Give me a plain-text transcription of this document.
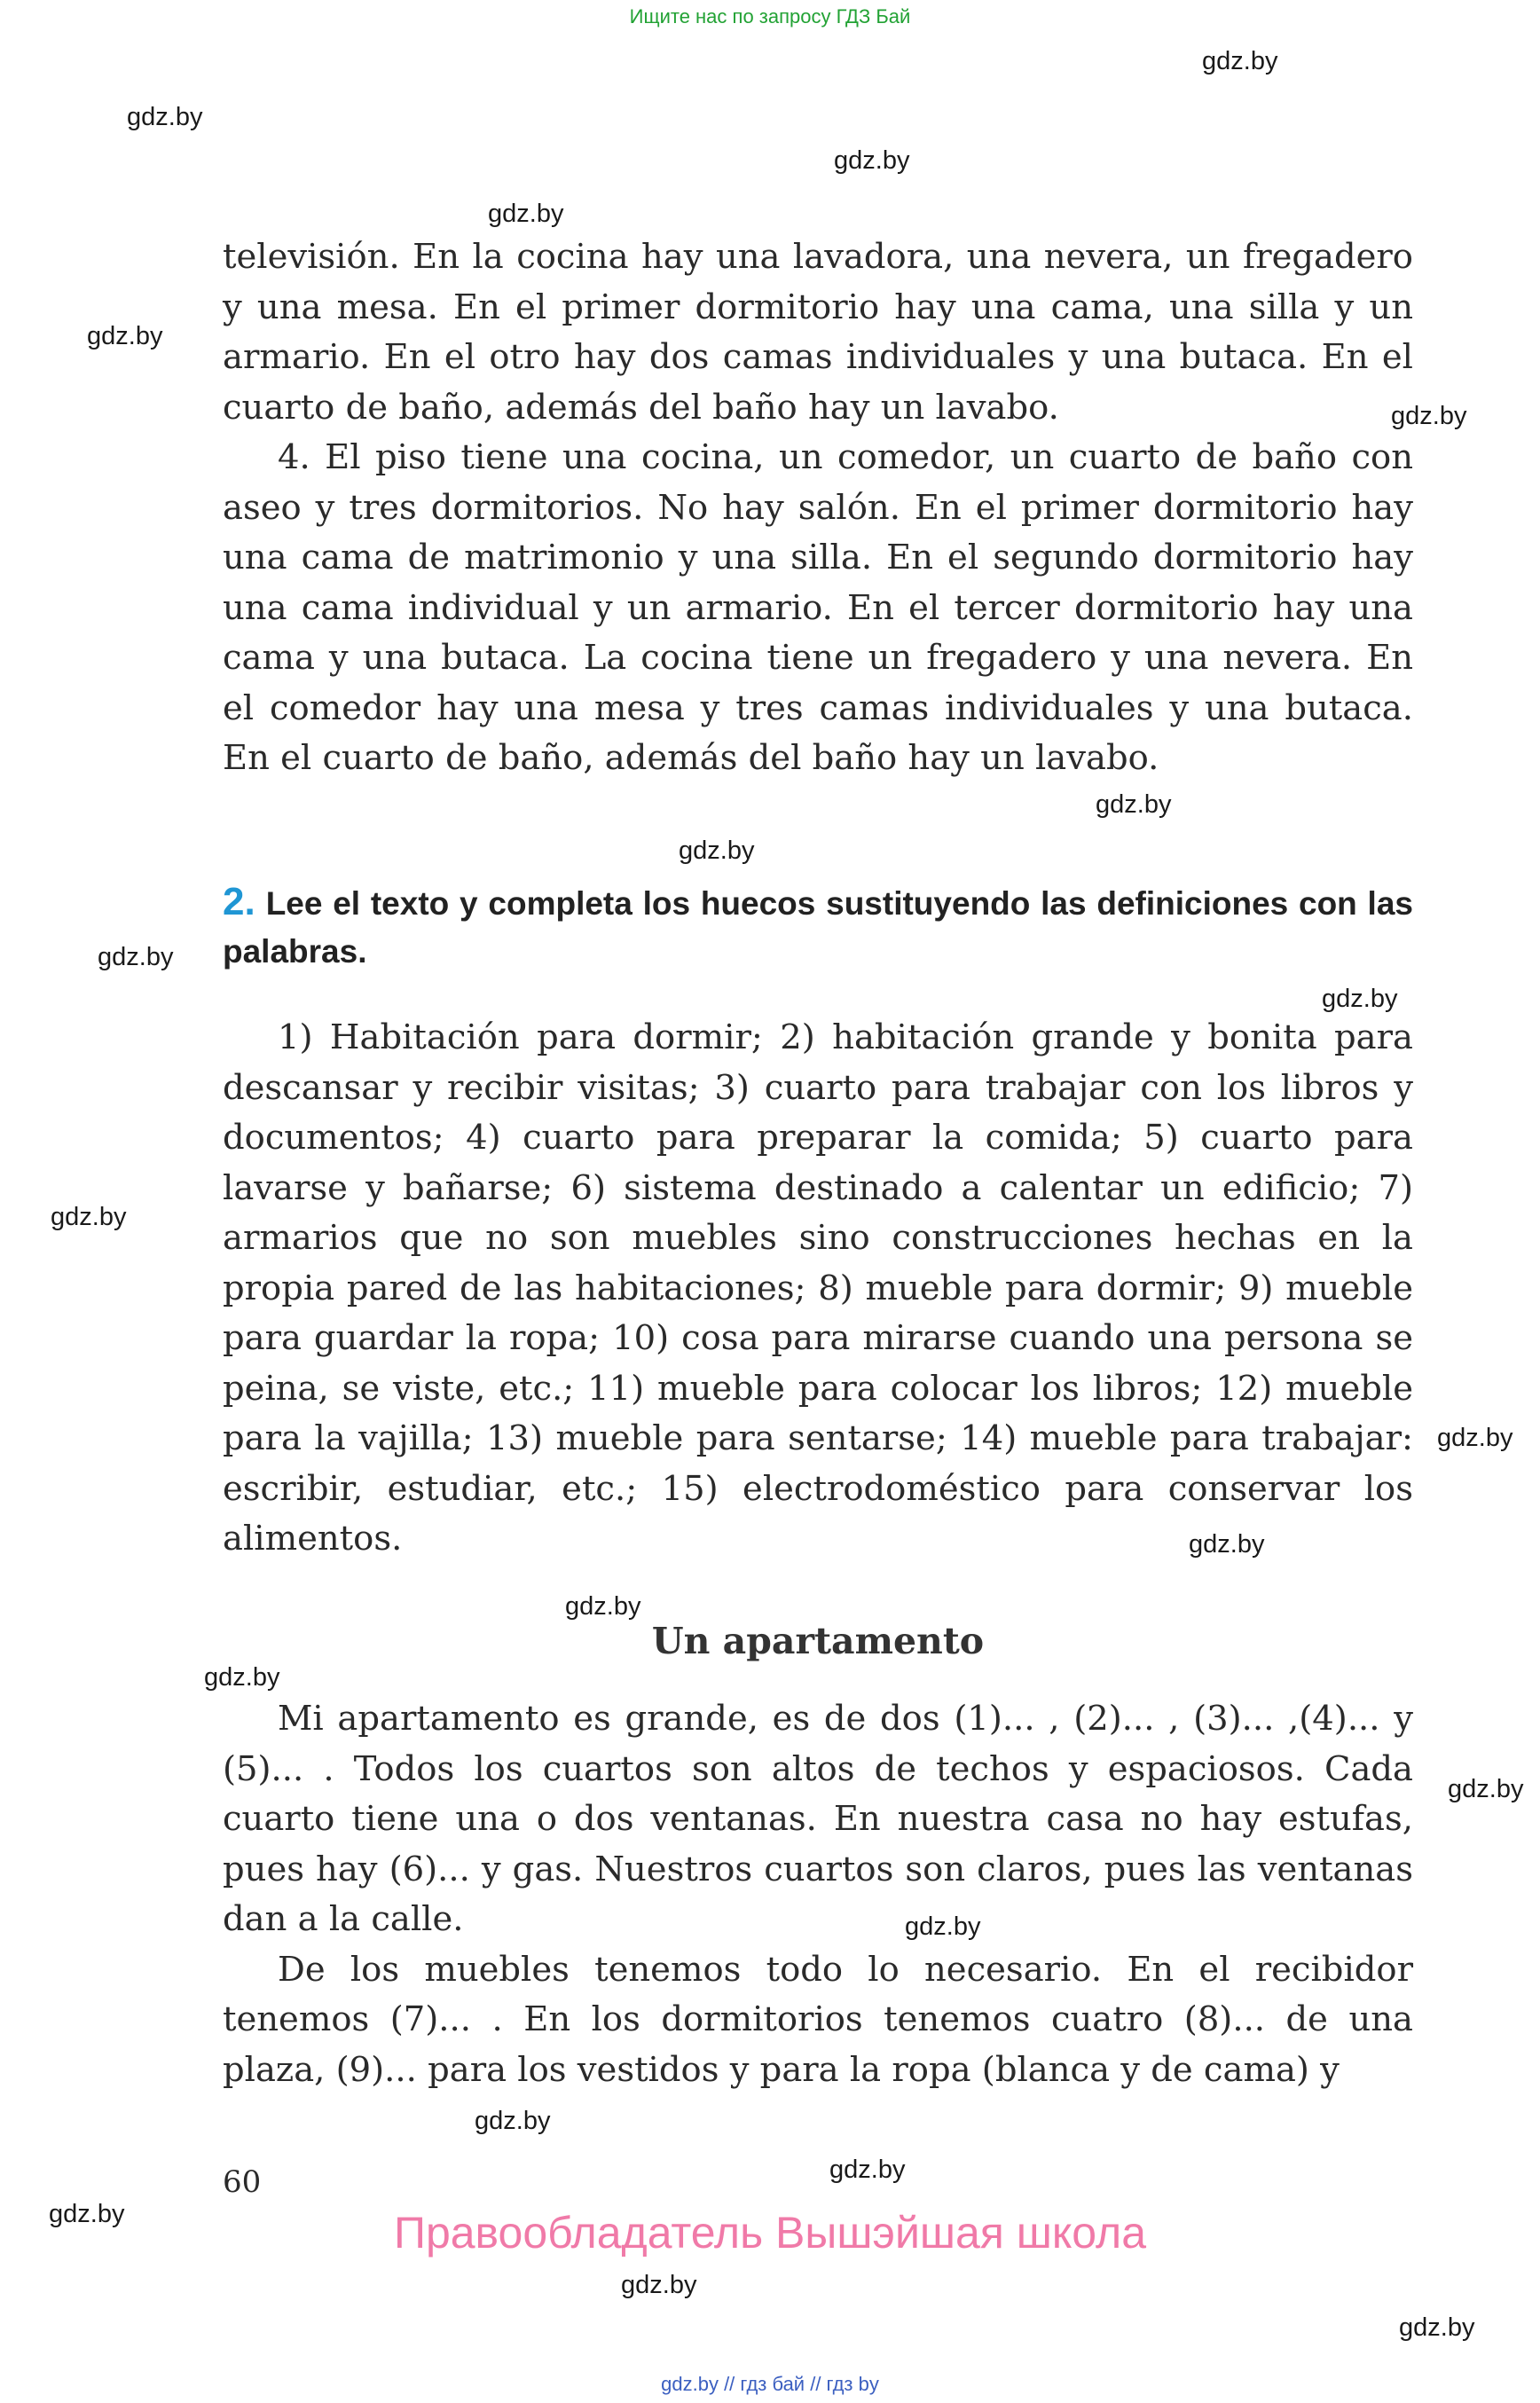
Ищите нас по запросу ГДЗ Бай
gdz.by
gdz.by
gdz.by
gdz.by
gdz.by
gdz.by
gdz.by
gdz.by
gdz.by
gdz.by
gdz.by
gdz.by
gdz.by
gdz.by
gdz.by
gdz.by
gdz.by
gdz.by
gdz.by
gdz.by
gdz.by
gdz.by

televisión. En la cocina hay una lavadora, una nevera, un fregadero y una mesa. En el primer dormitorio hay una cama, una silla y un armario. En el otro hay dos camas individuales y una butaca. En el cuarto de baño, además del baño hay un lavabo.

4. El piso tiene una cocina, un comedor, un cuarto de baño con aseo y tres dormitorios. No hay salón. En el primer dormitorio hay una cama de matrimonio y una silla. En el segundo dormitorio hay una cama individual y un armario. En el tercer dormitorio hay una cama y una butaca. La cocina tiene un fregadero y una nevera. En el comedor hay una mesa y tres camas individuales y una butaca. En el cuarto de baño, además del baño hay un lavabo.

2. Lee el texto y completa los huecos sustituyendo las definiciones con las palabras.

1) Habitación para dormir; 2) habitación grande y bonita para descansar y recibir visitas; 3) cuarto para trabajar con los libros y documentos; 4) cuarto para preparar la comida; 5) cuarto para lavarse y bañarse; 6) sistema destinado a calentar un edificio; 7) armarios que no son muebles sino construcciones hechas en la propia pared de las habitaciones; 8) mueble para dormir; 9) mueble para guardar la ropa; 10) cosa para mirarse cuando una persona se peina, se viste, etc.; 11) mueble para colocar los libros; 12) mueble para la vajilla; 13) mueble para sentarse; 14) mueble para trabajar: escribir, estudiar, etc.; 15) electrodoméstico para conservar los alimentos.

Un apartamento

Mi apartamento es grande, es de dos (1)... , (2)... , (3)... ,(4)... y (5)... . Todos los cuartos son altos de techos y espaciosos. Cada cuarto tiene una o dos ventanas. En nuestra casa no hay estufas, pues hay (6)... y gas. Nuestros cuartos son claros, pues las ventanas dan a la calle.

De los muebles tenemos todo lo necesario. En el recibidor tenemos (7)... . En los dormitorios tenemos cuatro (8)... de una plaza, (9)... para los vestidos y para la ropa (blanca y de cama) y

60
Правообладатель Вышэйшая школа
gdz.by // гдз бай // гдз by
